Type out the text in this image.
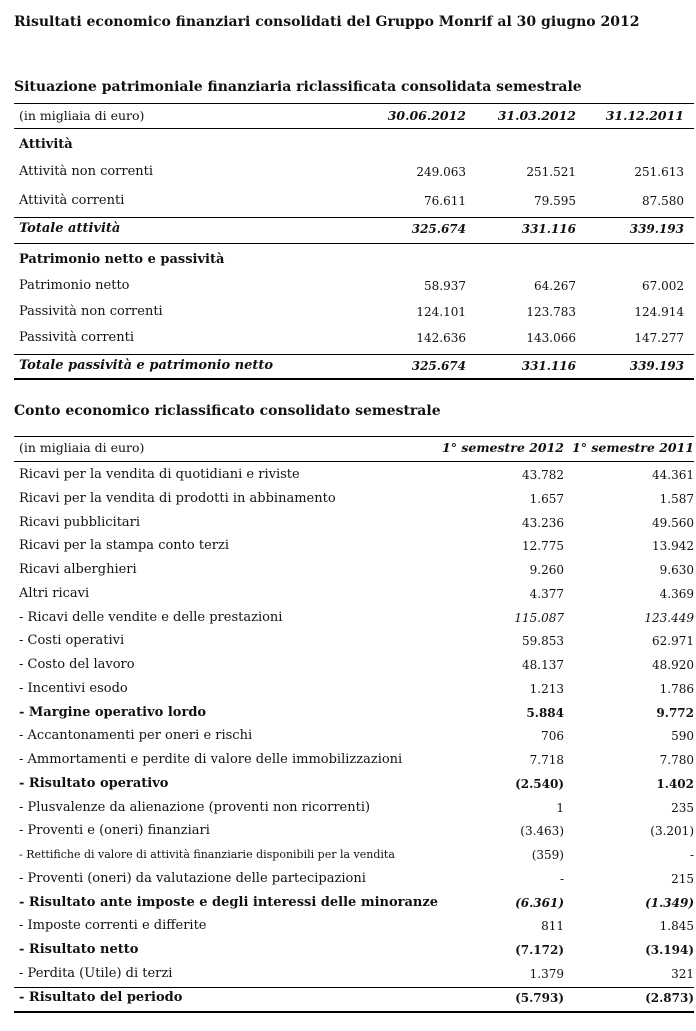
Risultati economico finanziari consolidati del Gruppo Monrif al 30 giugno 2012
Situazione patrimoniale finanziaria riclassificata consolidata semestrale
(in migliaia di euro)	30.06.2012	31.03.2012 31.12.2011
Attività
Attività non correnti	249.063	251.521	251.613
Attività correnti	76.611	79.595	87.580
Totale attività	325.674	331.116	339.193
Patrimonio netto e passività
Patrimonio netto	58.937	64.267	67.002
Passività non correnti	124.101	123.783	124.914
Passività correnti	142.636	143.066	147.277
Totale passività e patrimonio netto	325.674	331.116	339.193
Conto economico riclassificato consolidato semestrale
(in migliaia di euro)	1° semestre 2012 1° semestre 2011
Ricavi per la vendita di quotidiani e riviste	43.782	44.361
Ricavi per la vendita di prodotti in abbinamento	1.657	1.587
Ricavi pubblicitari	43.236	49.560
Ricavi per la stampa conto terzi	12.775	13.942
Ricavi alberghieri	9.260	9.630
Altri ricavi	4.377	4.369
- Ricavi delle vendite e delle prestazioni	115.087	123.449
- Costi operativi	59.853	62.971
- Costo del lavoro	48.137	48.920
- Incentivi esodo	1.213	1.786
- Margine operativo lordo	5.884	9.772
- Accantonamenti per oneri e rischi	706	590
- Ammortamenti e perdite di valore delle immobilizzazioni	7.718	7.780
- Risultato operativo	(2.540)	1.402
- Plusvalenze da alienazione (proventi non ricorrenti)	1	235
- Proventi e (oneri) finanziari	(3.463)	(3.201)
- Rettifiche di valore di attività finanziarie disponibili per la vendita	(359)	-
- Proventi (oneri) da valutazione delle partecipazioni	-	215
- Risultato ante imposte e degli interessi delle minoranze	(6.361)	(1.349)
- Imposte correnti e differite	811	1.845
- Risultato netto	(7.172)	(3.194)
- Perdita (Utile) di terzi	1.379	321
- Risultato del periodo	(5.793)	(2.873)
